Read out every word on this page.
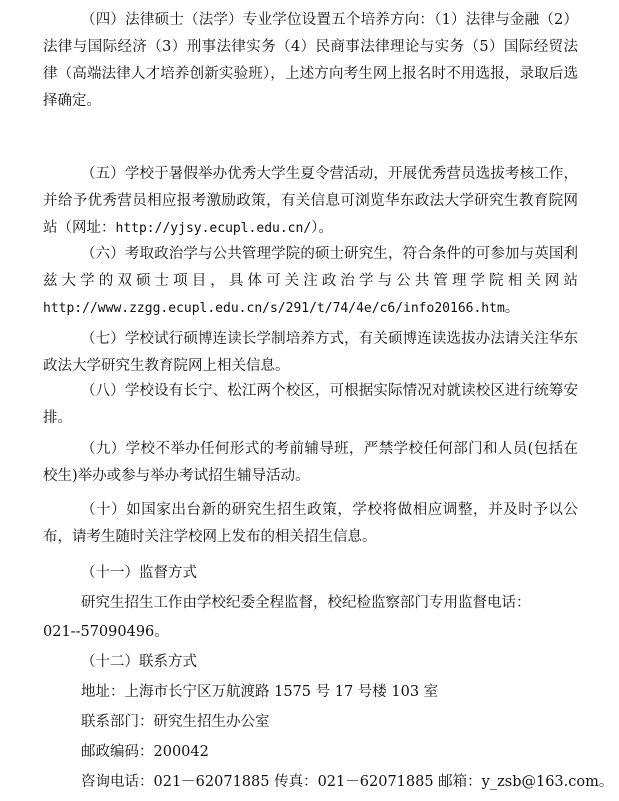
（四）法律硕士（法学）专业学位设置五个培养方向：（1）法律与金融（2）法律与国际经济（3）刑事法律实务（4）民商事法律理论与实务（5）国际经贸法律（高端法律人才培养创新实验班），上述方向考生网上报名时不用选报，录取后选择确定。

（五）学校于暑假举办优秀大学生夏令营活动，开展优秀营员选拔考核工作，并给予优秀营员相应报考激励政策，有关信息可浏览华东政法大学研究生教育院网站（网址：http://yjsy.ecupl.edu.cn/）。

（六）考取政治学与公共管理学院的硕士研究生，符合条件的可参加与英国利兹大学的双硕士项目，具体可关注政治学与公共管理学院相关网站http://www.zzgg.ecupl.edu.cn/s/291/t/74/4e/c6/info20166.htm。

（七）学校试行硕博连读长学制培养方式，有关硕博连读选拔办法请关注华东政法大学研究生教育院网上相关信息。

（八）学校设有长宁、松江两个校区，可根据实际情况对就读校区进行统筹安排。

（九）学校不举办任何形式的考前辅导班，严禁学校任何部门和人员(包括在校生)举办或参与举办考试招生辅导活动。

（十）如国家出台新的研究生招生政策，学校将做相应调整，并及时予以公布，请考生随时关注学校网上发布的相关招生信息。

（十一）监督方式
研究生招生工作由学校纪委全程监督，校纪检监察部门专用监督电话：
021--57090496。
（十二）联系方式
地址：上海市长宁区万航渡路 1575 号 17 号楼 103 室
联系部门：研究生招生办公室
邮政编码：200042
咨询电话：021－62071885 传真：021－62071885 邮箱：y_zsb@163.com。
